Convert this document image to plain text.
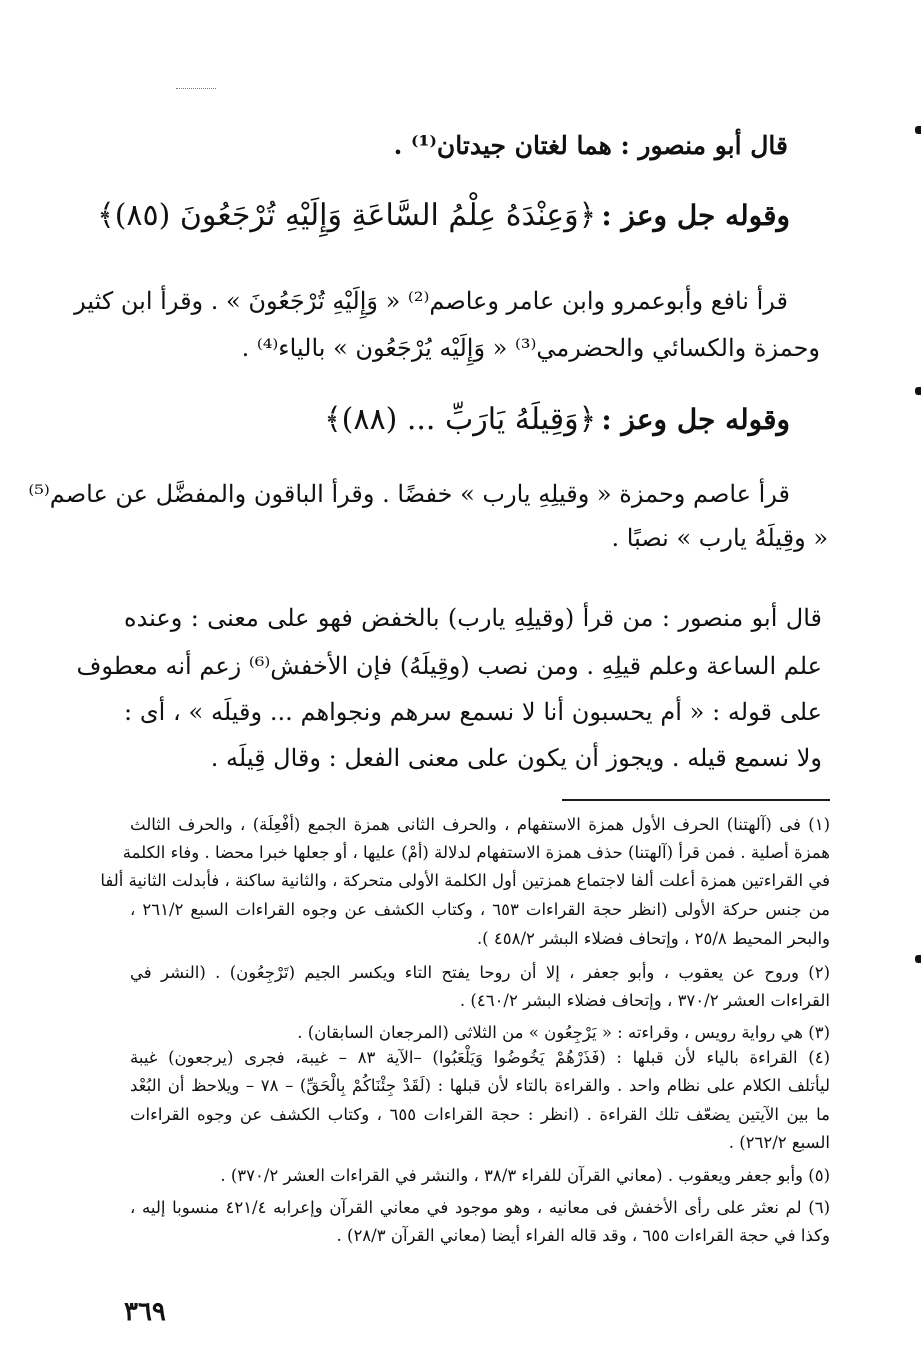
قال أبو منصور : هما لغتان جيدتان⁽¹⁾ .
وقوله جل وعز : ﴿وَعِنْدَهُ عِلْمُ السَّاعَةِ وَإِلَيْهِ تُرْجَعُونَ (٨٥)﴾
قرأ نافع وأبوعمرو وابن عامر وعاصم⁽²⁾ « وَإِلَيْهِ تُرْجَعُونَ » . وقرأ ابن كثير
وحمزة والكسائي والحضرمي⁽³⁾ « وَإِلَيْه يُرْجَعُون » بالياء⁽⁴⁾ .
وقوله جل وعز : ﴿وَقِيلَهُ يَارَبِّ ... (٨٨)﴾
قرأ عاصم وحمزة « وقيلِهِ يارب » خفضًا . وقرأ الباقون والمفضَّل عن عاصم⁽⁵⁾
« وقِيلَهُ يارب » نصبًا .
قال أبو منصور : من قرأ (وقيلِهِ يارب) بالخفض فهو على معنى : وعنده
علم الساعة وعلم قيلِهِ . ومن نصب (وقِيلَهُ) فإن الأخفش⁽⁶⁾ زعم أنه معطوف
على قوله : « أم يحسبون أنا لا نسمع سرهم ونجواهم ... وقيلَه » ، أى :
ولا نسمع قيله . ويجوز أن يكون على معنى الفعل : وقال قِيلَه .
(١) فى (آلهتنا) الحرف الأول همزة الاستفهام ، والحرف الثانى همزة الجمع (أفْعِلَة) ، والحرف الثالث
همزة أصلية . فمن قرأ (آلهتنا) حذف همزة الاستفهام لدلالة (أمْ) عليها ، أو جعلها خبرا محضا . وفاء الكلمة
في القراءتين همزة أعلت ألفا لاجتماع همزتين أول الكلمة الأولى متحركة ، والثانية ساكنة ، فأبدلت الثانية ألفا
من جنس حركة الأولى (انظر حجة القراءات ٦٥٣ ، وكتاب الكشف عن وجوه القراءات السبع ٢٦١/٢ ،
والبحر المحيط ٢٥/٨ ، وإتحاف فضلاء البشر ٤٥٨/٢ ).
(٢) وروح عن يعقوب ، وأبو جعفر ، إلا أن روحا يفتح التاء ويكسر الجيم (تَرْجِعُون) . (النشر في
القراءات العشر ٣٧٠/٢ ، وإتحاف فضلاء البشر ٤٦٠/٢) .
(٣) هي رواية رويس ، وقراءته : « يَرْجِعُون » من الثلاثى (المرجعان السابقان) .
(٤) القراءة بالياء لأن قبلها : (فَذَرْهُمْ يَخُوضُوا وَيَلْعَبُوا) –الآية ٨٣ – غيبة، فجرى (يرجعون) غيبة
ليأتلف الكلام على نظام واحد . والقراءة بالتاء لأن قبلها : (لَقَدْ جِئْنَاكُمْ بِالْحَقِّ) – ٧٨ – ويلاحظ أن البُعْد
ما بين الآيتين يضعّف تلك القراءة . (انظر : حجة القراءات ٦٥٥ ، وكتاب الكشف عن وجوه القراءات
السبع ٢٦٢/٢) .
(٥) وأبو جعفر ويعقوب . (معاني القرآن للفراء ٣٨/٣ ، والنشر في القراءات العشر ٣٧٠/٢) .
(٦) لم نعثر على رأى الأخفش فى معانيه ، وهو موجود في معاني القرآن وإعرابه ٤٢١/٤ منسوبا إليه ،
وكذا في حجة القراءات ٦٥٥ ، وقد قاله الفراء أيضا (معاني القرآن ٢٨/٣) .
٣٦٩
